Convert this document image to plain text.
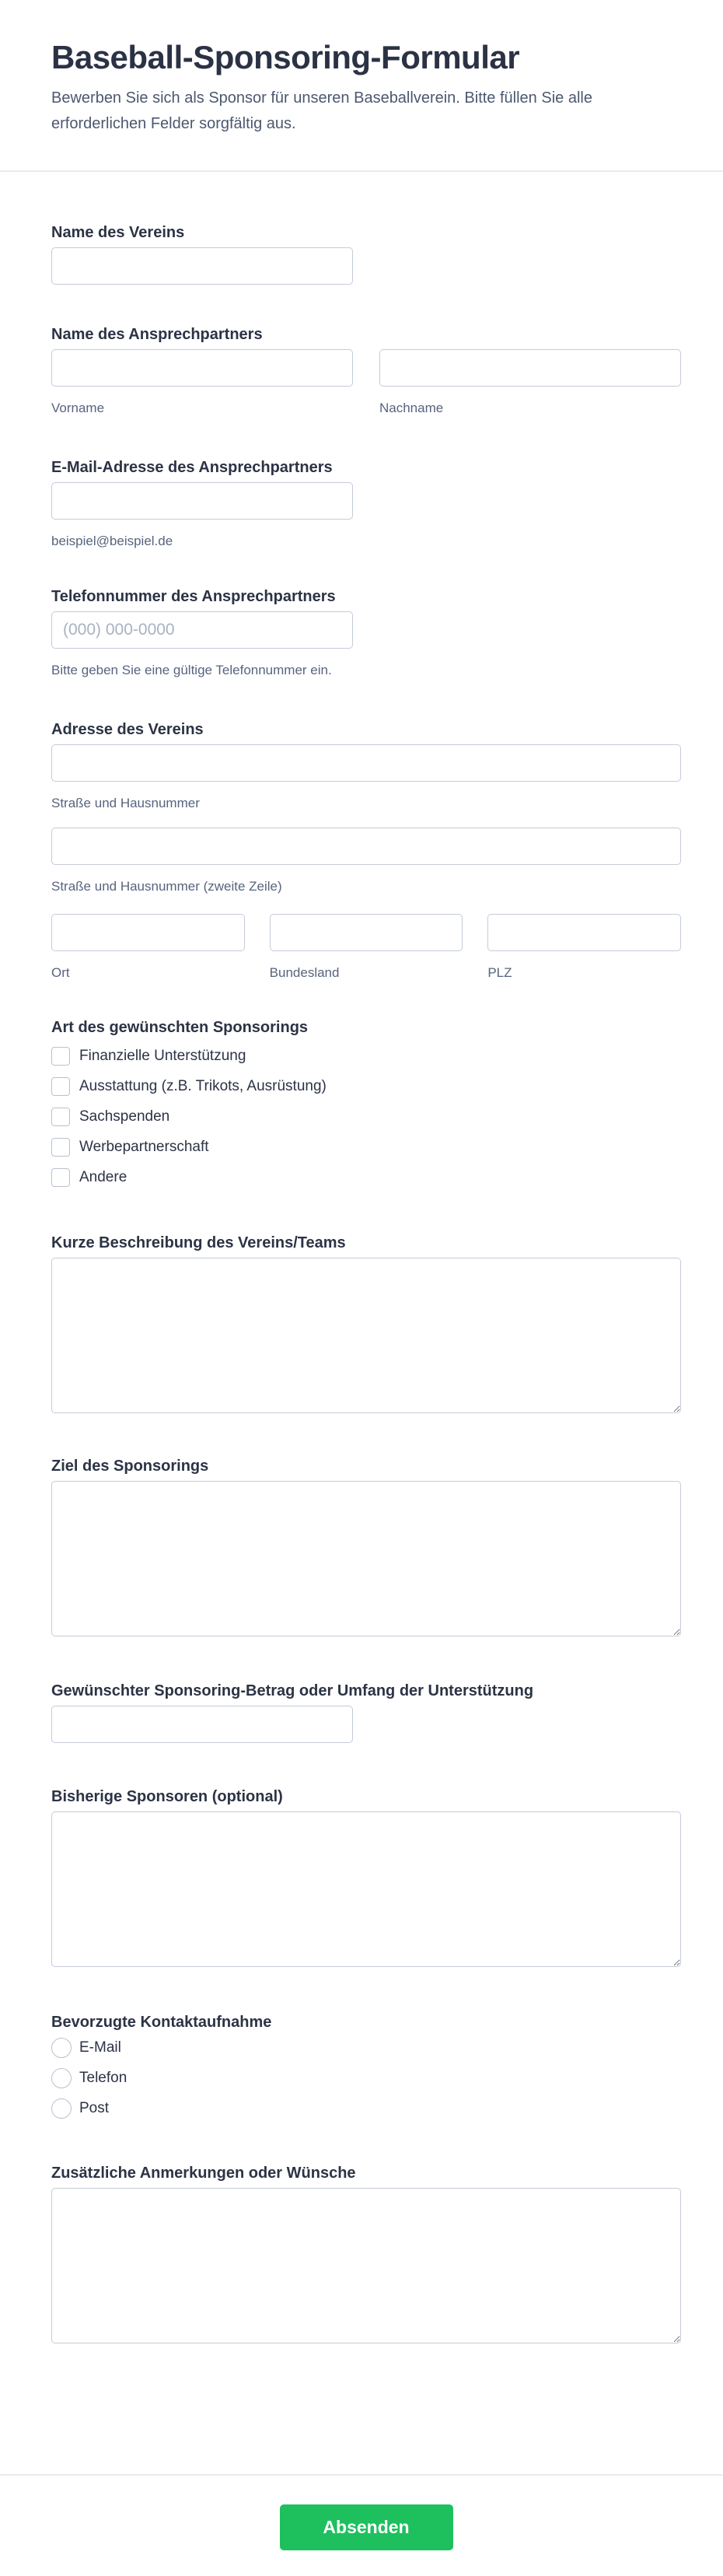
Baseball-Sponsoring-Formular

Bewerben Sie sich als Sponsor für unseren Baseballverein. Bitte füllen Sie alle erforderlichen Felder sorgfältig aus.

Name des Vereins
Name des Ansprechpartners
Vorname	Nachname
E-Mail-Adresse des Ansprechpartners
beispiel@beispiel.de
Telefonnummer des Ansprechpartners
(000) 000-0000
Bitte geben Sie eine gültige Telefonnummer ein.
Adresse des Vereins
Straße und Hausnummer
Straße und Hausnummer (zweite Zeile)
Ort	Bundesland	PLZ
Art des gewünschten Sponsorings
Finanzielle Unterstützung
Ausstattung (z.B. Trikots, Ausrüstung)
Sachspenden
Werbepartnerschaft
Andere
Kurze Beschreibung des Vereins/Teams
Ziel des Sponsorings
Gewünschter Sponsoring-Betrag oder Umfang der Unterstützung
Bisherige Sponsoren (optional)
Bevorzugte Kontaktaufnahme
E-Mail
Telefon
Post
Zusätzliche Anmerkungen oder Wünsche
Absenden
